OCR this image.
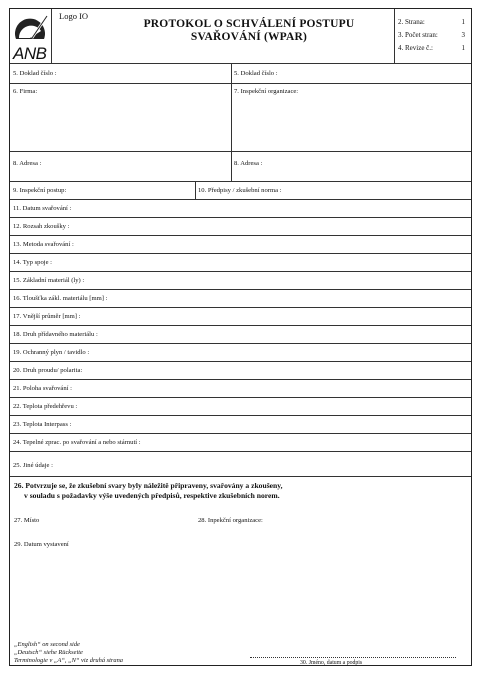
ANB
Logo IO
PROTOKOL O SCHVÁLENÍ POSTUPU
SVAŘOVÁNÍ (WPAR)
2. Strana:	1
3. Počet stran:	3
4. Revize č.:	1
5. Doklad číslo :	5. Doklad číslo :
6. Firma:	7. Inspekční organizace:
8. Adresa :	8. Adresa :
9. Inspekční postup:	10. Předpisy / zkušební norma :
11. Datum svařování :
12. Rozsah zkoušky :
13. Metoda svařování :
14. Typ spoje :
15. Základní materiál (ly) :
16. Tloušťka zákl. materiálu [mm] :
17. Vnější průměr [mm] :
18. Druh přídavného materiálu :
19. Ochranný plyn / tavidlo :
20. Druh proudu/ polarita:
21. Poloha svařování :
22. Teplota předehřevu :
23. Teplota Interpass :
24. Tepelné zprac. po svařování a nebo stárnutí :
25. Jiné údaje :
26. Potvrzuje se, že zkušební svary byly náležitě připraveny, svařovány a zkoušeny,
v souladu s požadavky výše uvedených předpisů, respektive zkušebních norem.
27. Místo	28. Inpekční organizace:
29. Datum vystavení
„English“ on second side
„Deutsch“ siehe Rückseite
Terminologie v „A“, „N“ viz druhá strana	30. Jméno, datum a podpis
